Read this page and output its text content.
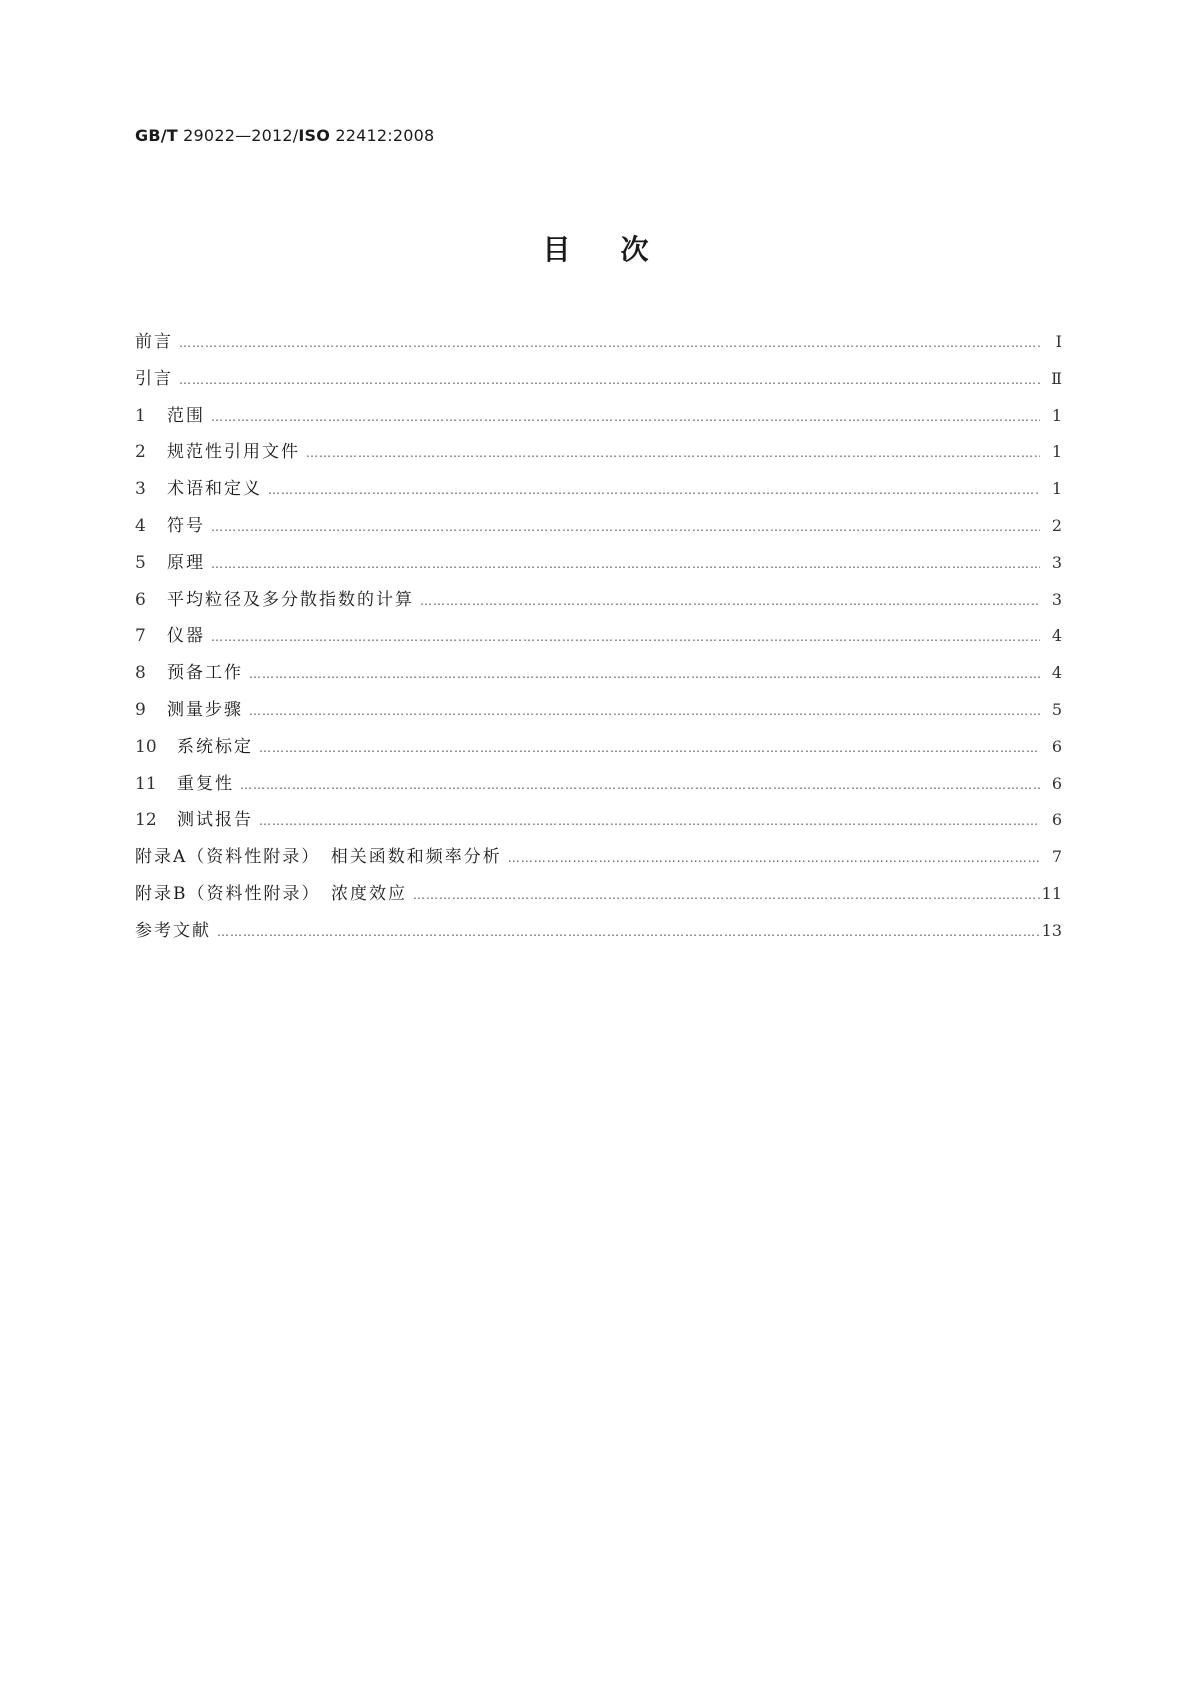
GB/T 29022—2012/ISO 22412:2008
目次
前言 ………………………………………………………………………………………………………………………………………………………………………………………………………………………………………………………………………………	Ⅰ
引言 ………………………………………………………………………………………………………………………………………………………………………………………………………………………………………………………………………………	Ⅱ
1	范围 ………………………………………………………………………………………………………………………………………………………………………………………………………………………………………………………………………………	1
2	规范性引用文件 ………………………………………………………………………………………………………………………………………………………………………………………………………………………………………………………………………………	1
3	术语和定义 ………………………………………………………………………………………………………………………………………………………………………………………………………………………………………………………………………………	1
4	符号 ………………………………………………………………………………………………………………………………………………………………………………………………………………………………………………………………………………	2
5	原理 ………………………………………………………………………………………………………………………………………………………………………………………………………………………………………………………………………………	3
6	平均粒径及多分散指数的计算 ………………………………………………………………………………………………………………………………………………………………………………………………………………………………………………………………………………	3
7	仪器 ………………………………………………………………………………………………………………………………………………………………………………………………………………………………………………………………………………	4
8	预备工作 ………………………………………………………………………………………………………………………………………………………………………………………………………………………………………………………………………………	4
9	测量步骤 ………………………………………………………………………………………………………………………………………………………………………………………………………………………………………………………………………………	5
10	系统标定 ………………………………………………………………………………………………………………………………………………………………………………………………………………………………………………………………………………	6
11	重复性 ………………………………………………………………………………………………………………………………………………………………………………………………………………………………………………………………………………	6
12	测试报告 ………………………………………………………………………………………………………………………………………………………………………………………………………………………………………………………………………………	6
附录A（资料性附录）　相关函数和频率分析 ………………………………………………………………………………………………………………………………………………………………………………………………………………………………………………………………………………	7
附录B（资料性附录）　浓度效应 ………………………………………………………………………………………………………………………………………………………………………………………………………………………………………………………………………………	11
参考文献 ………………………………………………………………………………………………………………………………………………………………………………………………………………………………………………………………………………	13
